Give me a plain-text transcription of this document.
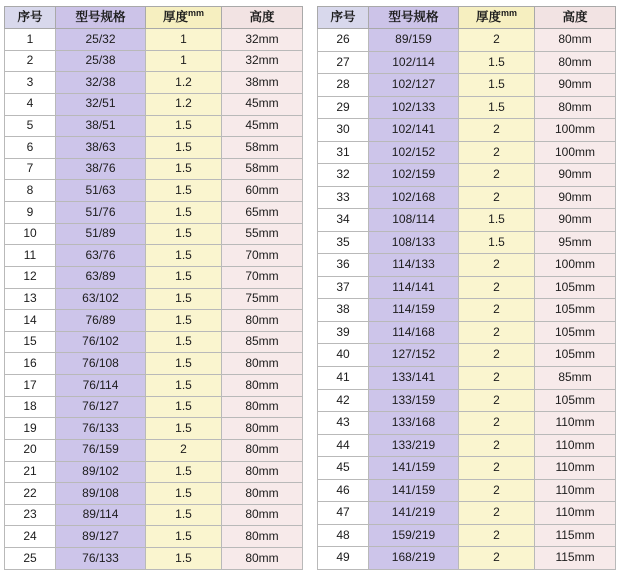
序号	型号规格	厚度$^{mm}$	高度
1	25/32	1	32mm
2	25/38	1	32mm
3	32/38	1.2	38mm
4	32/51	1.2	45mm
5	38/51	1.5	45mm
6	38/63	1.5	58mm
7	38/76	1.5	58mm
8	51/63	1.5	60mm
9	51/76	1.5	65mm
10	51/89	1.5	55mm
11	63/76	1.5	70mm
12	63/89	1.5	70mm
13	63/102	1.5	75mm
14	76/89	1.5	80mm
15	76/102	1.5	85mm
16	76/108	1.5	80mm
17	76/114	1.5	80mm
18	76/127	1.5	80mm
19	76/133	1.5	80mm
20	76/159	2	80mm
21	89/102	1.5	80mm
22	89/108	1.5	80mm
23	89/114	1.5	80mm
24	89/127	1.5	80mm
25	76/133	1.5	80mm
序号	型号规格	厚度$^{mm}$	高度
26	89/159	2	80mm
27	102/114	1.5	80mm
28	102/127	1.5	90mm
29	102/133	1.5	80mm
30	102/141	2	100mm
31	102/152	2	100mm
32	102/159	2	90mm
33	102/168	2	90mm
34	108/114	1.5	90mm
35	108/133	1.5	95mm
36	114/133	2	100mm
37	114/141	2	105mm
38	114/159	2	105mm
39	114/168	2	105mm
40	127/152	2	105mm
41	133/141	2	85mm
42	133/159	2	105mm
43	133/168	2	110mm
44	133/219	2	110mm
45	141/159	2	110mm
46	141/159	2	110mm
47	141/219	2	110mm
48	159/219	2	115mm
49	168/219	2	115mm
